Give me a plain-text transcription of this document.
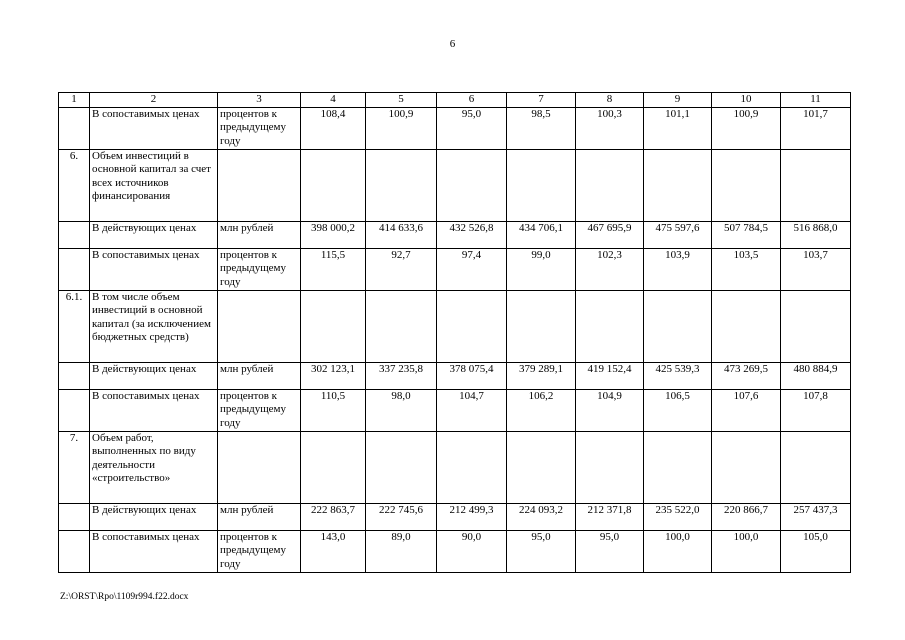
6
1	2	3	4	5	6	7	8	9	10	11
	В сопоставимых ценах	процентов к предыдущему году	108,4	100,9	95,0	98,5	100,3	101,1	100,9	101,7
6.	Объем инвестиций в основной капитал за счет всех источников финансирования									
	В действующих ценах	млн рублей	398 000,2	414 633,6	432 526,8	434 706,1	467 695,9	475 597,6	507 784,5	516 868,0
	В сопоставимых ценах	процентов к предыдущему году	115,5	92,7	97,4	99,0	102,3	103,9	103,5	103,7
6.1.	В том числе объем инвестиций в основной капитал (за исключением бюджетных средств)									
	В действующих ценах	млн рублей	302 123,1	337 235,8	378 075,4	379 289,1	419 152,4	425 539,3	473 269,5	480 884,9
	В сопоставимых ценах	процентов к предыдущему году	110,5	98,0	104,7	106,2	104,9	106,5	107,6	107,8
7.	Объем работ, выполненных по виду деятельности «строительство»									
	В действующих ценах	млн рублей	222 863,7	222 745,6	212 499,3	224 093,2	212 371,8	235 522,0	220 866,7	257 437,3
	В сопоставимых ценах	процентов к предыдущему году	143,0	89,0	90,0	95,0	95,0	100,0	100,0	105,0
Z:\ORST\Rpo\1109r994.f22.docx
